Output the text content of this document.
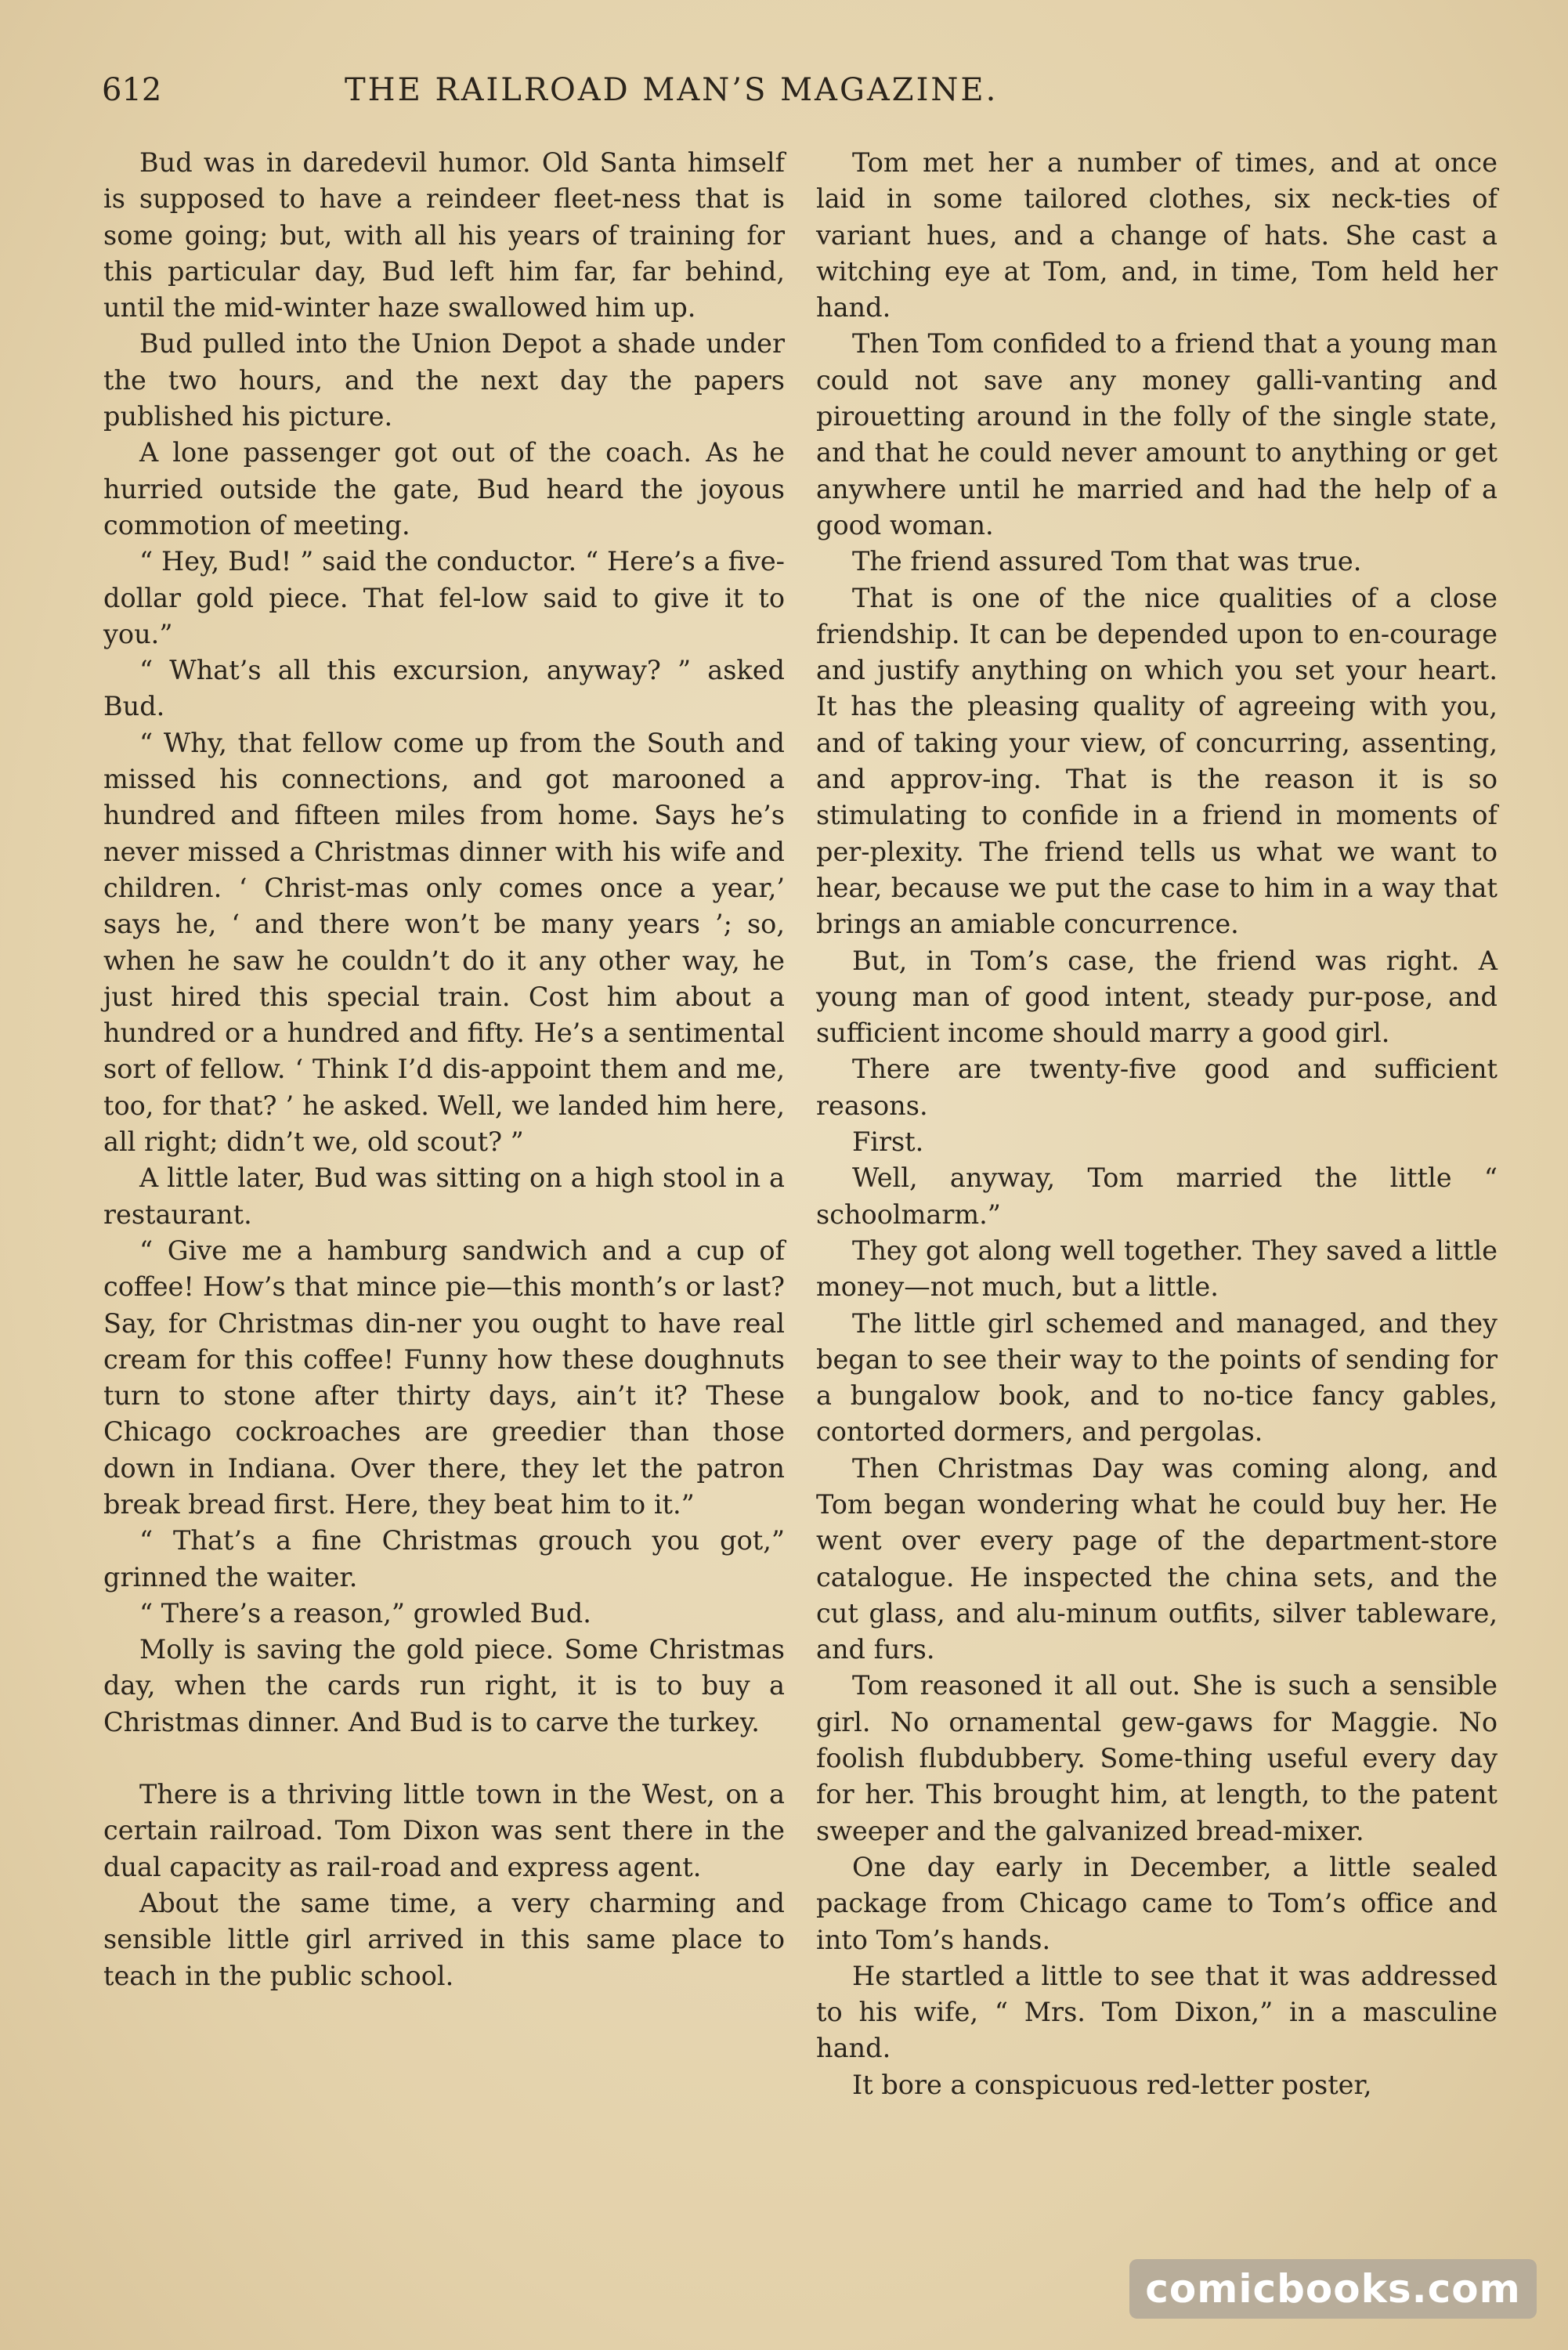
612	THE RAILROAD MAN’S MAGAZINE.

Bud was in daredevil humor. Old Santa himself is supposed to have a reindeer fleet-ness that is some going; but, with all his years of training for this particular day, Bud left him far, far behind, until the mid-winter haze swallowed him up.

Bud pulled into the Union Depot a shade under the two hours, and the next day the papers published his picture.

A lone passenger got out of the coach. As he hurried outside the gate, Bud heard the joyous commotion of meeting.

“ Hey, Bud! ” said the conductor. “ Here’s a five-dollar gold piece. That fel-low said to give it to you.”

“ What’s all this excursion, anyway? ” asked Bud.

“ Why, that fellow come up from the South and missed his connections, and got marooned a hundred and fifteen miles from home. Says he’s never missed a Christmas dinner with his wife and children. ‘ Christ-mas only comes once a year,’ says he, ‘ and there won’t be many years ’; so, when he saw he couldn’t do it any other way, he just hired this special train. Cost him about a hundred or a hundred and fifty. He’s a sentimental sort of fellow. ‘ Think I’d dis-appoint them and me, too, for that? ’ he asked. Well, we landed him here, all right; didn’t we, old scout? ”

A little later, Bud was sitting on a high stool in a restaurant.

“ Give me a hamburg sandwich and a cup of coffee! How’s that mince pie—this month’s or last? Say, for Christmas din-ner you ought to have real cream for this coffee! Funny how these doughnuts turn to stone after thirty days, ain’t it? These Chicago cockroaches are greedier than those down in Indiana. Over there, they let the patron break bread first. Here, they beat him to it.”

“ That’s a fine Christmas grouch you got,” grinned the waiter.

“ There’s a reason,” growled Bud.

Molly is saving the gold piece. Some Christmas day, when the cards run right, it is to buy a Christmas dinner. And Bud is to carve the turkey.

There is a thriving little town in the West, on a certain railroad. Tom Dixon was sent there in the dual capacity as rail-road and express agent.

About the same time, a very charming and sensible little girl arrived in this same place to teach in the public school.

Tom met her a number of times, and at once laid in some tailored clothes, six neck-ties of variant hues, and a change of hats. She cast a witching eye at Tom, and, in time, Tom held her hand.

Then Tom confided to a friend that a young man could not save any money galli-vanting and pirouetting around in the folly of the single state, and that he could never amount to anything or get anywhere until he married and had the help of a good woman.

The friend assured Tom that was true.

That is one of the nice qualities of a close friendship. It can be depended upon to en-courage and justify anything on which you set your heart. It has the pleasing quality of agreeing with you, and of taking your view, of concurring, assenting, and approv-ing. That is the reason it is so stimulating to confide in a friend in moments of per-plexity. The friend tells us what we want to hear, because we put the case to him in a way that brings an amiable concurrence.

But, in Tom’s case, the friend was right. A young man of good intent, steady pur-pose, and sufficient income should marry a good girl.

There are twenty-five good and sufficient reasons.

First.

Well, anyway, Tom married the little “ schoolmarm.”

They got along well together. They saved a little money—not much, but a little.

The little girl schemed and managed, and they began to see their way to the points of sending for a bungalow book, and to no-tice fancy gables, contorted dormers, and pergolas.

Then Christmas Day was coming along, and Tom began wondering what he could buy her. He went over every page of the department-store catalogue. He inspected the china sets, and the cut glass, and alu-minum outfits, silver tableware, and furs.

Tom reasoned it all out. She is such a sensible girl. No ornamental gew-gaws for Maggie. No foolish flubdubbery. Some-thing useful every day for her. This brought him, at length, to the patent sweeper and the galvanized bread-mixer.

One day early in December, a little sealed package from Chicago came to Tom’s office and into Tom’s hands.

He startled a little to see that it was addressed to his wife, “ Mrs. Tom Dixon,” in a masculine hand.

It bore a conspicuous red-letter poster,

comicbooks.com
